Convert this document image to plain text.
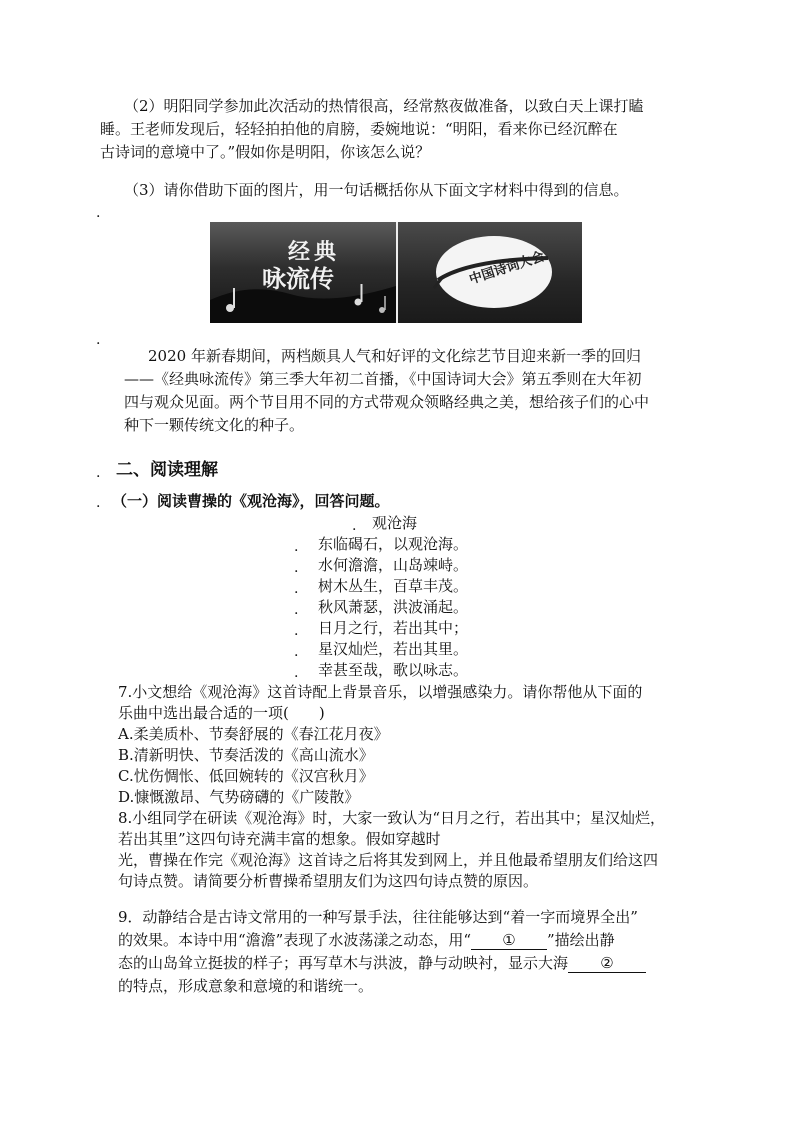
（2）明阳同学参加此次活动的热情很高，经常熬夜做准备，以致白天上课打瞌
睡。王老师发现后，轻轻拍拍他的肩膀，委婉地说：“明阳，看来你已经沉醉在
古诗词的意境中了。”假如你是明阳，你该怎么说？
（3）请你借助下面的图片，用一句话概括你从下面文字材料中得到的信息。
.
经典
咏流传	中国诗词大会
.
2020 年新春期间，两档颇具人气和好评的文化综艺节目迎来新一季的回归
——《经典咏流传》第三季大年初二首播，《中国诗词大会》第五季则在大年初
四与观众见面。两个节目用不同的方式带观众领略经典之美，想给孩子们的心中
种下一颗传统文化的种子。
. 二、阅读理解
. （一）阅读曹操的《观沧海》，回答问题。
. 观沧海
. 东临碣石，以观沧海。
. 水何澹澹，山岛竦峙。
. 树木丛生，百草丰茂。
. 秋风萧瑟，洪波涌起。
. 日月之行，若出其中；
. 星汉灿烂，若出其里。
. 幸甚至哉，歌以咏志。
7.小文想给《观沧海》这首诗配上背景音乐，以增强感染力。请你帮他从下面的
乐曲中选出最合适的一项(　　)
A.柔美质朴、节奏舒展的《春江花月夜》
B.清新明快、节奏活泼的《高山流水》
C.忧伤惆怅、低回婉转的《汉宫秋月》
D.慷慨激昂、气势磅礴的《广陵散》
8.小组同学在研读《观沧海》时，大家一致认为“日月之行，若出其中；星汉灿烂，
若出其里”这四句诗充满丰富的想象。假如穿越时
光，曹操在作完《观沧海》这首诗之后将其发到网上，并且他最希望朋友们给这四
句诗点赞。请简要分析曹操希望朋友们为这四句诗点赞的原因。
9．动静结合是古诗文常用的一种写景手法，往往能够达到“着一字而境界全出”
的效果。本诗中用“澹澹”表现了水波荡漾之动态，用“ ① ”描绘出静
态的山岛耸立挺拔的样子；再写草木与洪波，静与动映衬，显示大海 ②
的特点，形成意象和意境的和谐统一。
